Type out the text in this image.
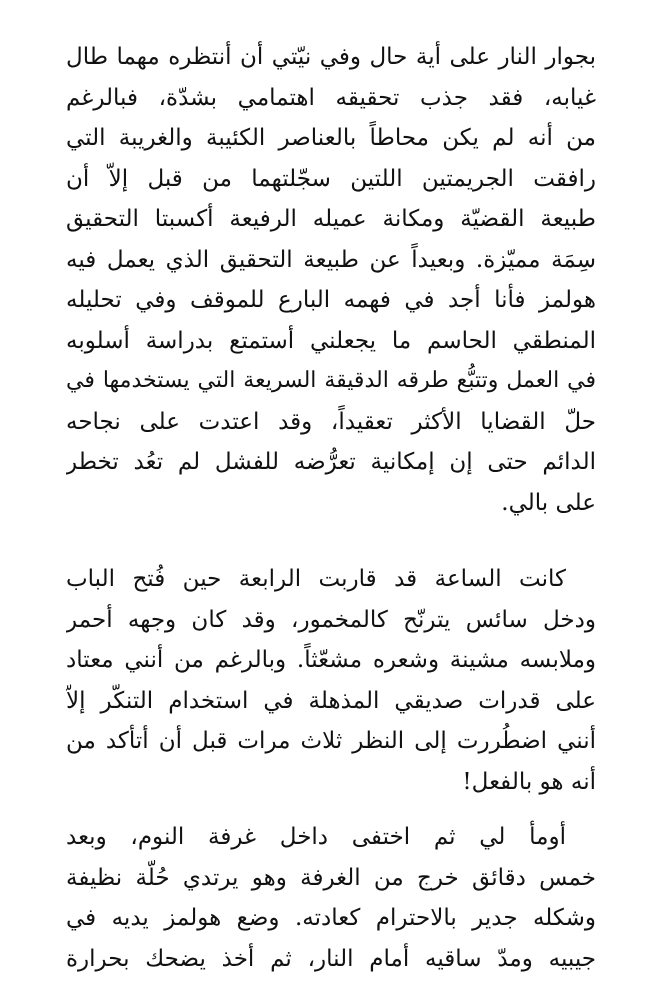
بجوار النار على أية حال وفي نيّتي أن أنتظره مهما طال
غيابه، فقد جذب تحقيقه اهتمامي بشدّة، فبالرغم
من أنه لم يكن محاطاً بالعناصر الكئيبة والغريبة التي
رافقت الجريمتين اللتين سجّلتهما من قبل إلاّ أن
طبيعة القضيّة ومكانة عميله الرفيعة أكسبتا التحقيق
سِمَة مميّزة. وبعيداً عن طبيعة التحقيق الذي يعمل فيه
هولمز فأنا أجد في فهمه البارع للموقف وفي تحليله
المنطقي الحاسم ما يجعلني أستمتع بدراسة أسلوبه
في العمل وتتبُّع طرقه الدقيقة السريعة التي يستخدمها في
حلّ القضايا الأكثر تعقيداً، وقد اعتدت على نجاحه
الدائم حتى إن إمكانية تعرُّضه للفشل لم تعُد تخطر
على بالي.

كانت الساعة قد قاربت الرابعة حين فُتح الباب
ودخل سائس يترنّح كالمخمور، وقد كان وجهه أحمر
وملابسه مشينة وشعره مشعّثاً. وبالرغم من أنني معتاد
على قدرات صديقي المذهلة في استخدام التنكّر إلاّ
أنني اضطُررت إلى النظر ثلاث مرات قبل أن أتأكد من
أنه هو بالفعل!

أومأ لي ثم اختفى داخل غرفة النوم، وبعد
خمس دقائق خرج من الغرفة وهو يرتدي حُلّة نظيفة
وشكله جدير بالاحترام كعادته. وضع هولمز يديه في
جيبيه ومدّ ساقيه أمام النار، ثم أخذ يضحك بحرارة
